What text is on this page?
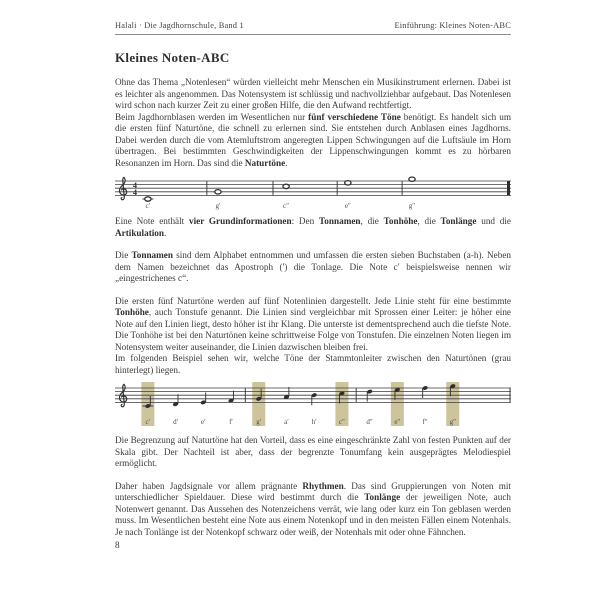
Halali · Die Jagdhornschule, Band 1	Einführung: Kleines Noten-ABC
Kleines Noten-ABC

Ohne das Thema „Notenlesen“ würden vielleicht mehr Menschen ein Musikinstrument erlernen. Dabei ist es leichter als angenommen. Das Notensystem ist schlüssig und nachvollziehbar aufgebaut. Das Notenlesen wird schon nach kurzer Zeit zu einer großen Hilfe, die den Aufwand rechtfertigt.

Beim Jagdhornblasen werden im Wesentlichen nur fünf verschiedene Töne benötigt. Es handelt sich um die ersten fünf Naturtöne, die schnell zu erlernen sind. Sie entstehen durch Anblasen eines Jagdhorns. Dabei werden durch die vom Atemluftstrom angeregten Lippen Schwingungen auf die Luftsäule im Horn übertragen. Bei bestimmten Geschwindigkeiten der Lippenschwingungen kommt es zu hörbaren Resonanzen im Horn. Das sind die Naturtöne.

4
4
c′	g′	c″	e″	g″

Eine Note enthält vier Grundinformationen: Den Tonnamen, die Tonhöhe, die Tonlänge und die Artikulation.

Die Tonnamen sind dem Alphabet entnommen und umfassen die ersten sieben Buchstaben (a-h). Neben dem Namen bezeichnet das Apostroph (') die Tonlage. Die Note c′ beispielsweise nennen wir „eingestrichenes c“.

Die ersten fünf Naturtöne werden auf fünf Notenlinien dargestellt. Jede Linie steht für eine bestimmte Tonhöhe, auch Tonstufe genannt. Die Linien sind vergleichbar mit Sprossen einer Leiter: je höher eine Note auf den Linien liegt, desto höher ist ihr Klang. Die unterste ist dementsprechend auch die tiefste Note. Die Tonhöhe ist bei den Naturtönen keine schrittweise Folge von Tonstufen. Die einzelnen Noten liegen im Notensystem weiter auseinander, die Linien dazwischen bleiben frei.

Im folgenden Beispiel sehen wir, welche Töne der Stammtonleiter zwischen den Naturtönen (grau hinterlegt) liegen.

c′	d′	e′	f′	g′	a′	h′	c″	d″	e″	f″	g″

Die Begrenzung auf Naturtöne hat den Vorteil, dass es eine eingeschränkte Zahl von festen Punkten auf der Skala gibt. Der Nachteil ist aber, dass der begrenzte Tonumfang kein ausgeprägtes Melodiespiel ermöglicht.

Daher haben Jagdsignale vor allem prägnante Rhythmen. Das sind Gruppierungen von Noten mit unterschiedlicher Spieldauer. Diese wird bestimmt durch die Tonlänge der jeweiligen Note, auch Notenwert genannt. Das Aussehen des Notenzeichens verrät, wie lang oder kurz ein Ton geblasen werden muss. Im Wesentlichen besteht eine Note aus einem Notenkopf und in den meisten Fällen einem Notenhals. Je nach Tonlänge ist der Notenkopf schwarz oder weiß, der Notenhals mit oder ohne Fähnchen.

8
